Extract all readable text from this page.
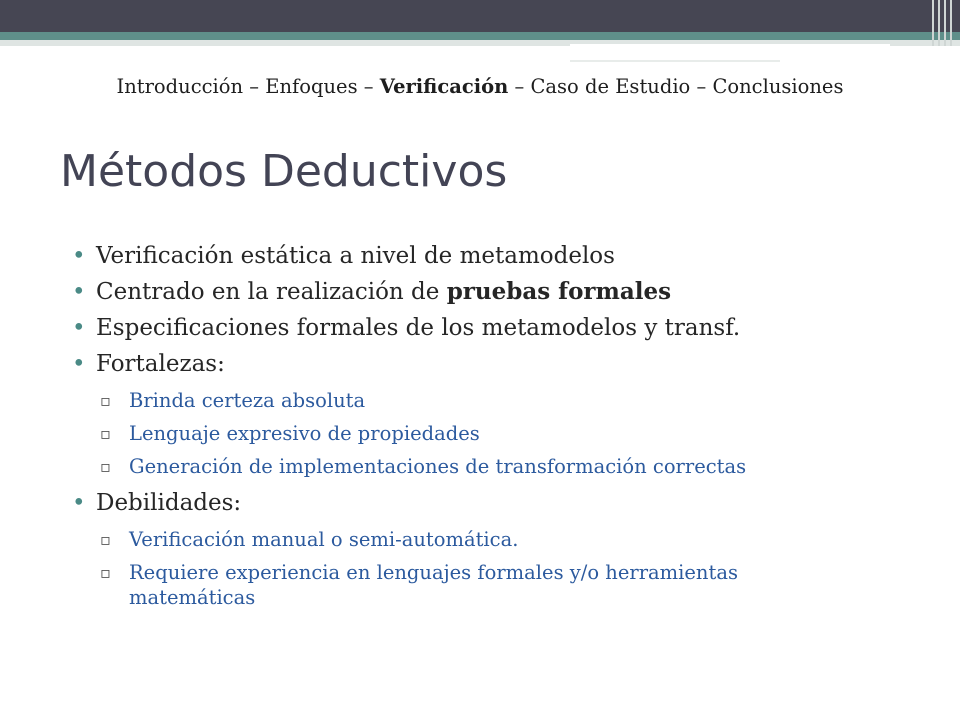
Introducción – Enfoques – Verificación – Caso de Estudio – Conclusiones
Métodos Deductivos
• Verificación estática a nivel de metamodelos
• Centrado en la realización de pruebas formales
• Especificaciones formales de los metamodelos y transf.
• Fortalezas:
▫ Brinda certeza absoluta
▫ Lenguaje expresivo de propiedades
▫ Generación de implementaciones de transformación correctas
• Debilidades:
▫ Verificación manual o semi-automática.
▫ Requiere experiencia en lenguajes formales y/o herramientas matemáticas
